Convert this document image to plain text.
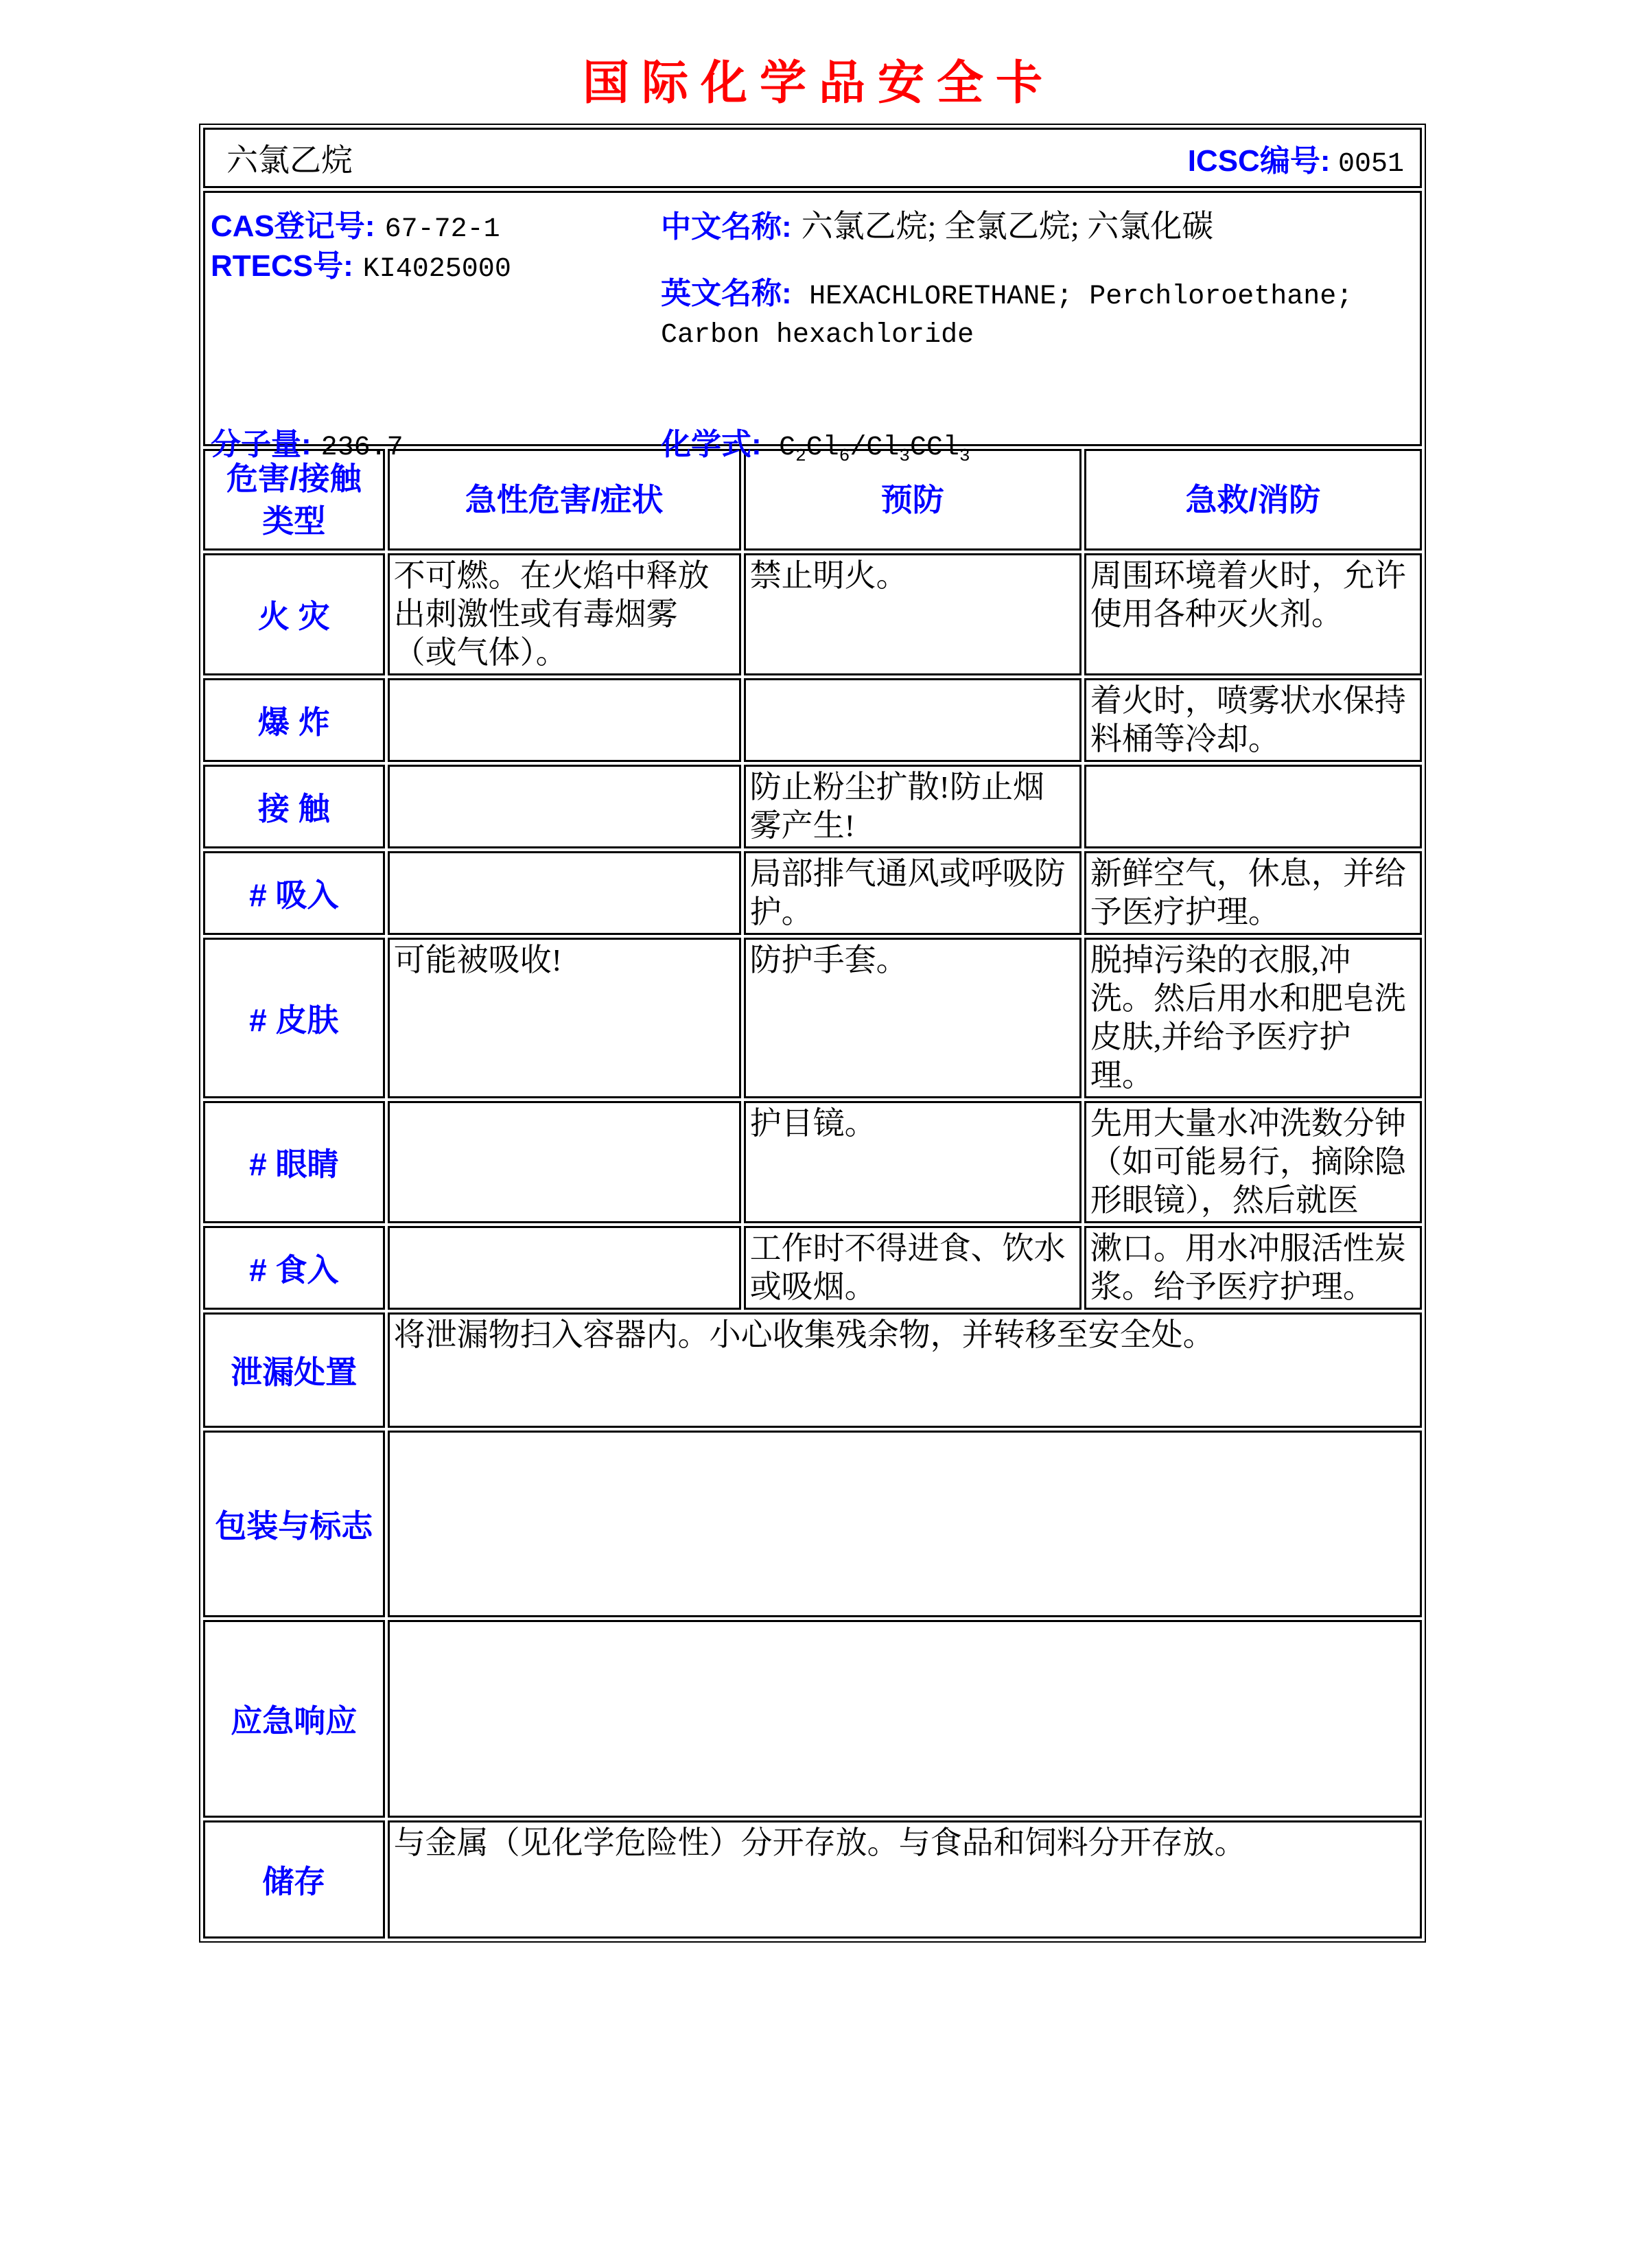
国际化学品安全卡
六氯乙烷 ICSC编号: 0051			

CAS登记号: 67-72-1
RTECS号: KI4025000
分子量: 236.7
中文名称: 六氯乙烷; 全氯乙烷; 六氯化碳
英文名称: HEXACHLORETHANE; Perchloroethane;
Carbon hexachloride
化学式: $C_2Cl_6/Cl_3CCl_3$

危害/接触
类型	急性危害/症状	预防	急救/消防
火 灾	不可燃。在火焰中释放出刺激性或有毒烟雾（或气体）。	禁止明火。	周围环境着火时，允许使用各种灭火剂。
爆 炸			着火时，喷雾状水保持料桶等冷却。
接 触		防止粉尘扩散!防止烟雾产生!	
# 吸入		局部排气通风或呼吸防护。	新鲜空气，休息，并给予医疗护理。
# 皮肤	可能被吸收!	防护手套。	脱掉污染的衣服,冲洗。然后用水和肥皂洗皮肤,并给予医疗护理。
# 眼睛		护目镜。	先用大量水冲洗数分钟（如可能易行，摘除隐形眼镜），然后就医
# 食入		工作时不得进食、饮水或吸烟。	漱口。用水冲服活性炭浆。给予医疗护理。
泄漏处置	将泄漏物扫入容器内。小心收集残余物，并转移至安全处。		
包装与标志			
应急响应			
储存	与金属（见化学危险性）分开存放。与食品和饲料分开存放。		
